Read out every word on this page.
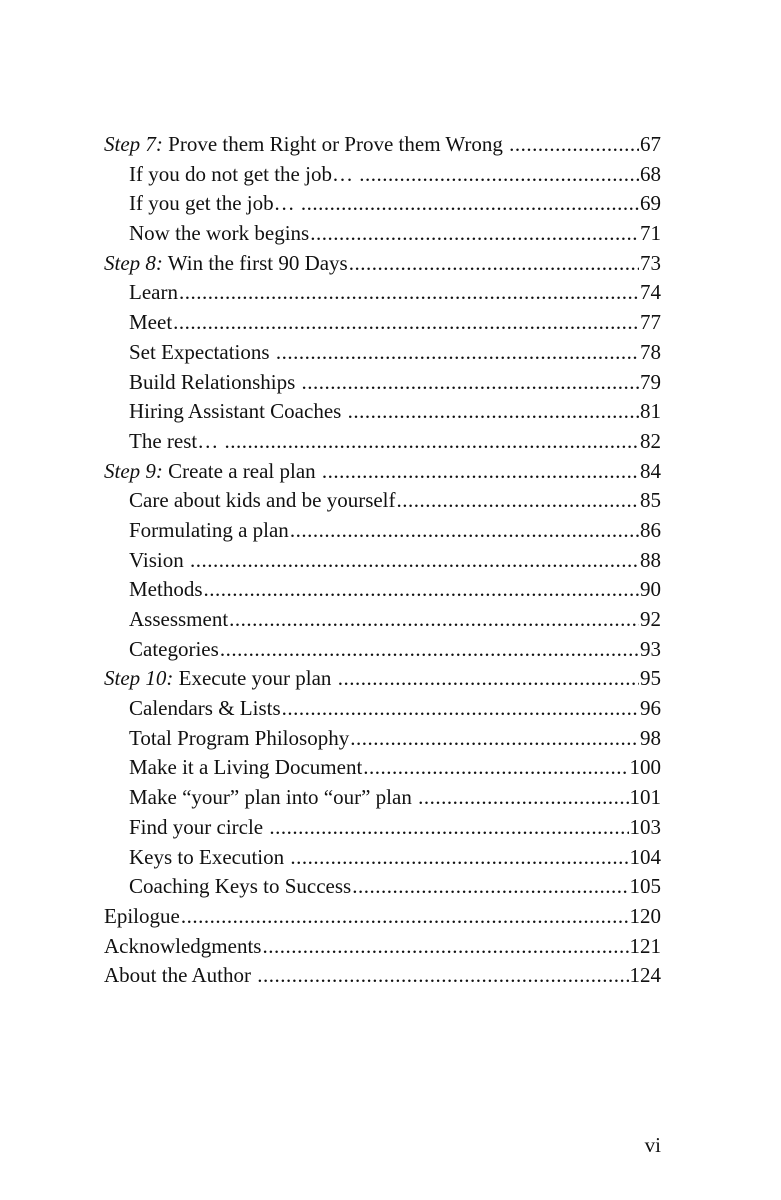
Step 7: Prove them Right or Prove them Wrong .....	67
If you do not get the job… .....	68
If you get the job… .....	69
Now the work begins .....	71
Step 8: Win the first 90 Days .....	73
Learn .....	74
Meet .....	77
Set Expectations .....	78
Build Relationships .....	79
Hiring Assistant Coaches .....	81
The rest… .....	82
Step 9: Create a real plan .....	84
Care about kids and be yourself .....	85
Formulating a plan .....	86
Vision .....	88
Methods .....	90
Assessment .....	92
Categories .....	93
Step 10: Execute your plan .....	95
Calendars & Lists .....	96
Total Program Philosophy .....	98
Make it a Living Document .....	100
Make “your” plan into “our” plan .....	101
Find your circle .....	103
Keys to Execution .....	104
Coaching Keys to Success .....	105
Epilogue .....	120
Acknowledgments .....	121
About the Author .....	124
vi
